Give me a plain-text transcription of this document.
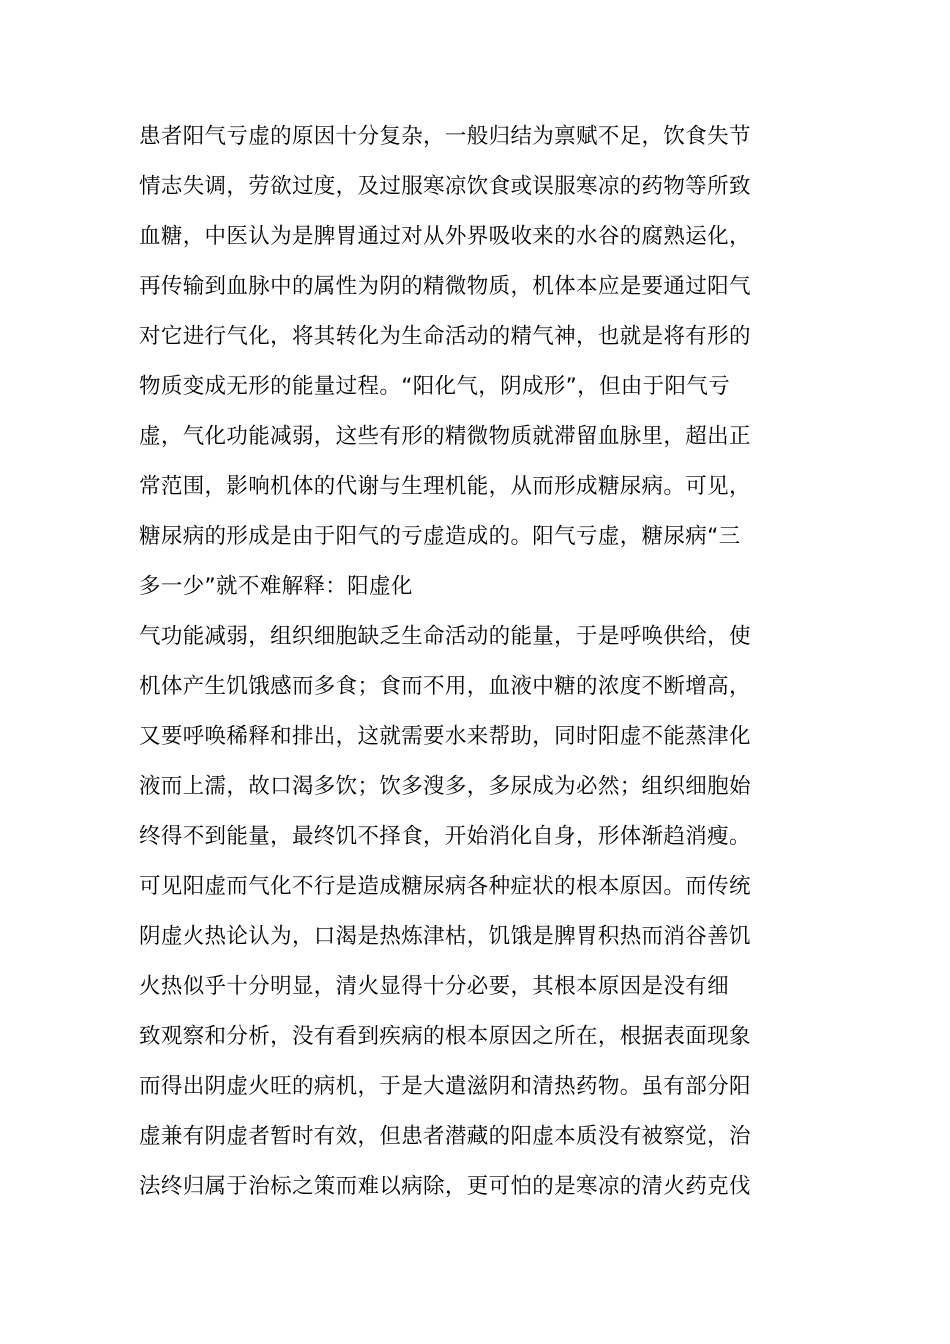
患者阳气亏虚的原因十分复杂，一般归结为禀赋不足，饮食失节
情志失调，劳欲过度，及过服寒凉饮食或误服寒凉的药物等所致
血糖，中医认为是脾胃通过对从外界吸收来的水谷的腐熟运化，
再传输到血脉中的属性为阴的精微物质，机体本应是要通过阳气
对它进行气化，将其转化为生命活动的精气神，也就是将有形的
物质变成无形的能量过程。“阳化气，阴成形”，但由于阳气亏
虚，气化功能减弱，这些有形的精微物质就滞留血脉里，超出正
常范围，影响机体的代谢与生理机能，从而形成糖尿病。可见，
糖尿病的形成是由于阳气的亏虚造成的。阳气亏虚，糖尿病“三
多一少”就不难解释：阳虚化
气功能减弱，组织细胞缺乏生命活动的能量，于是呼唤供给，使
机体产生饥饿感而多食；食而不用，血液中糖的浓度不断增高，
又要呼唤稀释和排出，这就需要水来帮助，同时阳虚不能蒸津化
液而上濡，故口渴多饮；饮多溲多，多尿成为必然；组织细胞始
终得不到能量，最终饥不择食，开始消化自身，形体渐趋消瘦。
可见阳虚而气化不行是造成糖尿病各种症状的根本原因。而传统
阴虚火热论认为，口渴是热炼津枯，饥饿是脾胃积热而消谷善饥
火热似乎十分明显，清火显得十分必要，其根本原因是没有细
致观察和分析，没有看到疾病的根本原因之所在，根据表面现象
而得出阴虚火旺的病机，于是大遣滋阴和清热药物。虽有部分阳
虚兼有阴虚者暂时有效，但患者潜藏的阳虚本质没有被察觉，治
法终归属于治标之策而难以病除，更可怕的是寒凉的清火药克伐
